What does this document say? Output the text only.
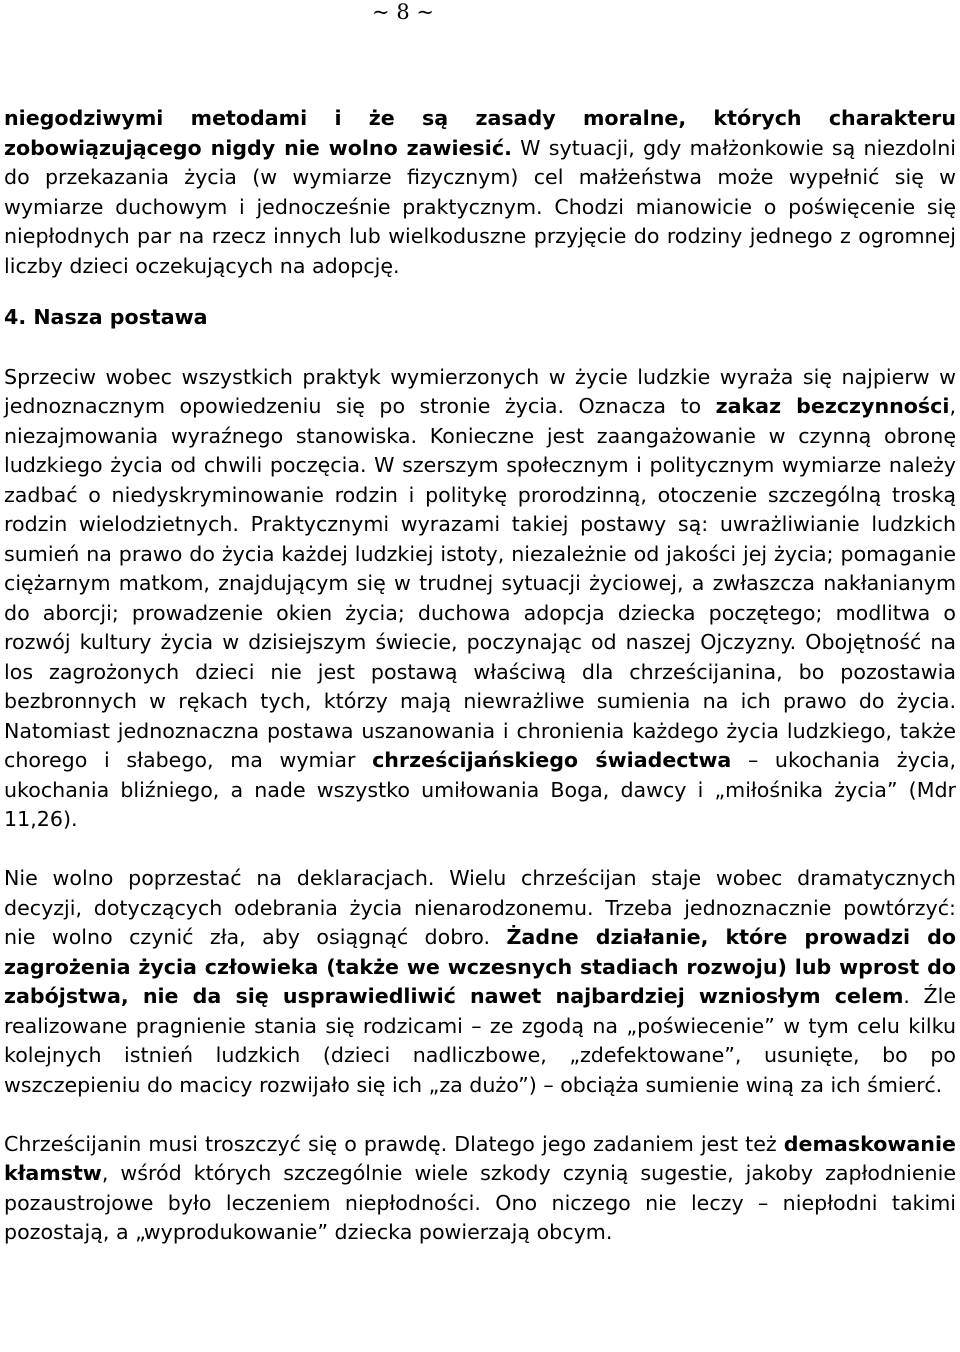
~ 8 ~

niegodziwymi metodami i że są zasady moralne, których charakteru zobowiązującego nigdy nie wolno zawiesić. W sytuacji, gdy małżonkowie są niezdolni do przekazania życia (w wymiarze fizycznym) cel małżeństwa może wypełnić się w wymiarze duchowym i jednocześnie praktycznym. Chodzi mianowicie o poświęcenie się niepłodnych par na rzecz innych lub wielkoduszne przyjęcie do rodziny jednego z ogromnej liczby dzieci oczekujących na adopcję.

4. Nasza postawa

Sprzeciw wobec wszystkich praktyk wymierzonych w życie ludzkie wyraża się najpierw w jednoznacznym opowiedzeniu się po stronie życia. Oznacza to zakaz bezczynności, niezajmowania wyraźnego stanowiska. Konieczne jest zaangażowanie w czynną obronę ludzkiego życia od chwili poczęcia. W szerszym społecznym i politycznym wymiarze należy zadbać o niedyskryminowanie rodzin i politykę prorodzinną, otoczenie szczególną troską rodzin wielodzietnych. Praktycznymi wyrazami takiej postawy są: uwrażliwianie ludzkich sumień na prawo do życia każdej ludzkiej istoty, niezależnie od jakości jej życia; pomaganie ciężarnym matkom, znajdującym się w trudnej sytuacji życiowej, a zwłaszcza nakłanianym do aborcji; prowadzenie okien życia; duchowa adopcja dziecka poczętego; modlitwa o rozwój kultury życia w dzisiejszym świecie, poczynając od naszej Ojczyzny. Obojętność na los zagrożonych dzieci nie jest postawą właściwą dla chrześcijanina, bo pozostawia bezbronnych w rękach tych, którzy mają niewrażliwe sumienia na ich prawo do życia. Natomiast jednoznaczna postawa uszanowania i chronienia każdego życia ludzkiego, także chorego i słabego, ma wymiar chrześcijańskiego świadectwa – ukochania życia, ukochania bliźniego, a nade wszystko umiłowania Boga, dawcy i „miłośnika życia” (Mdr 11,26).

Nie wolno poprzestać na deklaracjach. Wielu chrześcijan staje wobec dramatycznych decyzji, dotyczących odebrania życia nienarodzonemu. Trzeba jednoznacznie powtórzyć: nie wolno czynić zła, aby osiągnąć dobro. Żadne działanie, które prowadzi do zagrożenia życia człowieka (także we wczesnych stadiach rozwoju) lub wprost do zabójstwa, nie da się usprawiedliwić nawet najbardziej wzniosłym celem. Źle realizowane pragnienie stania się rodzicami – ze zgodą na „poświecenie” w tym celu kilku kolejnych istnień ludzkich (dzieci nadliczbowe, „zdefektowane”, usunięte, bo po wszczepieniu do macicy rozwijało się ich „za dużo”) – obciąża sumienie winą za ich śmierć.

Chrześcijanin musi troszczyć się o prawdę. Dlatego jego zadaniem jest też demaskowanie kłamstw, wśród których szczególnie wiele szkody czynią sugestie, jakoby zapłodnienie pozaustrojowe było leczeniem niepłodności. Ono niczego nie leczy – niepłodni takimi pozostają, a „wyprodukowanie” dziecka powierzają obcym.
